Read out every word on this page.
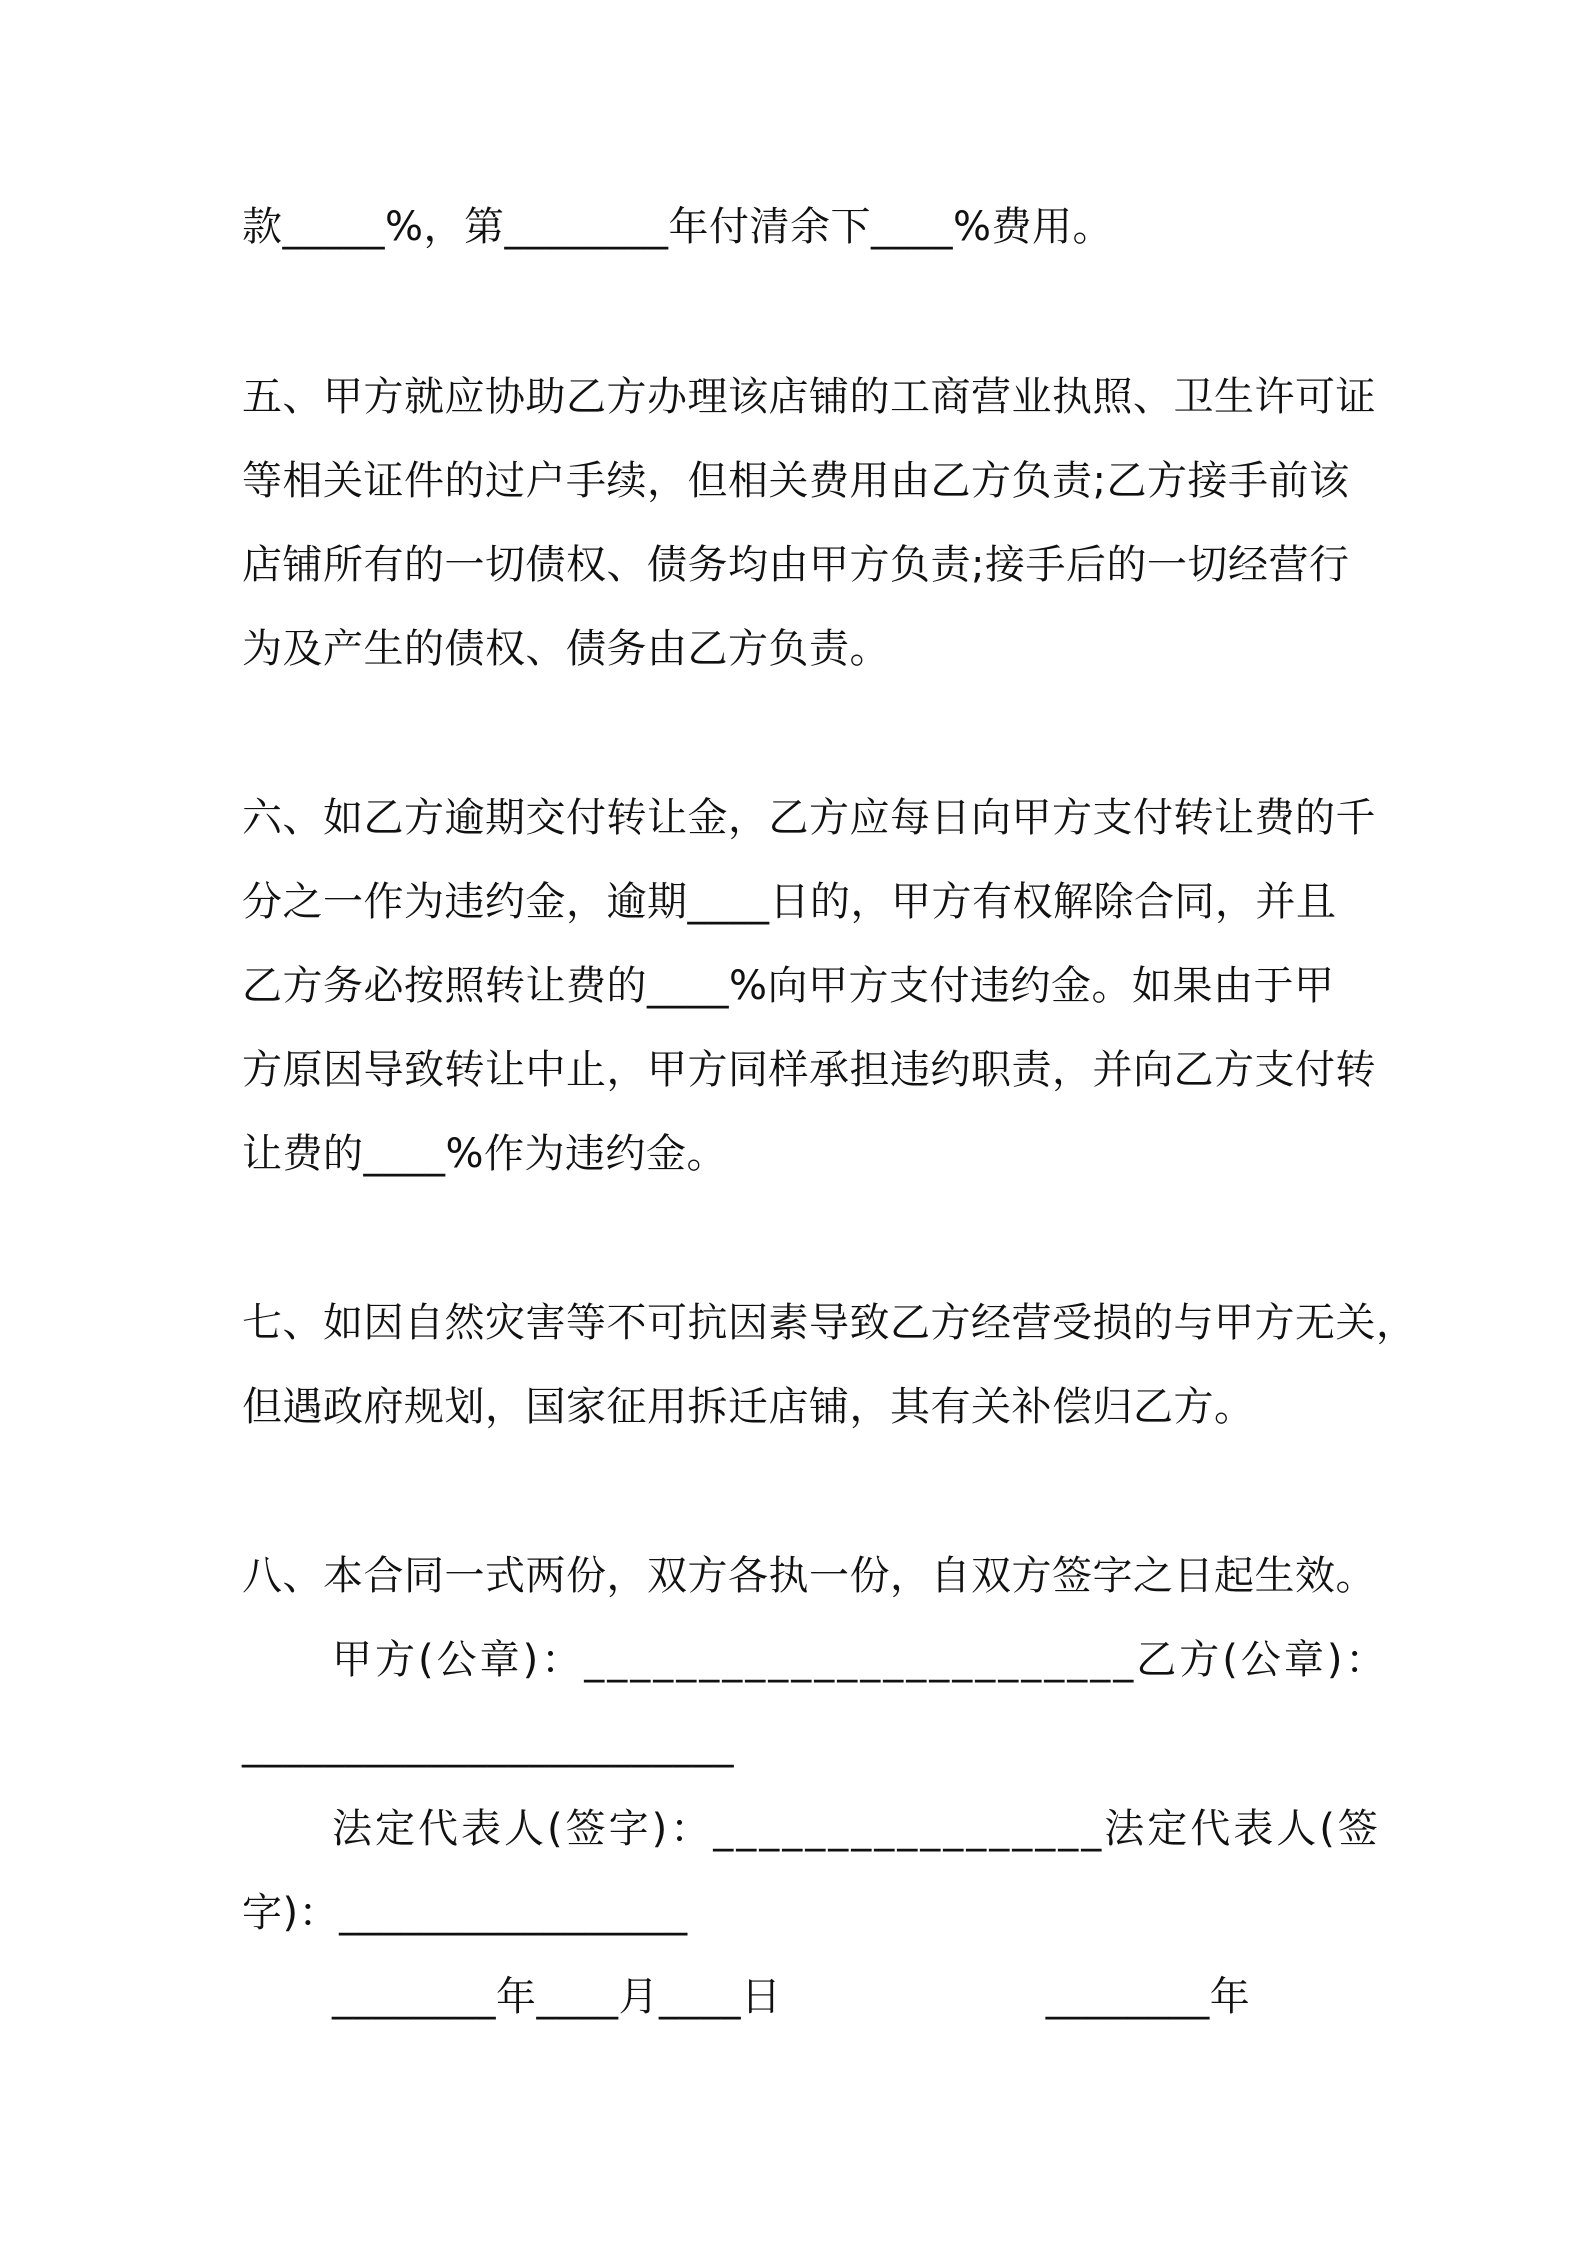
款_____%，第________年付清余下____%费用。
五、甲方就应协助乙方办理该店铺的工商营业执照、卫生许可证
等相关证件的过户手续，但相关费用由乙方负责;乙方接手前该
店铺所有的一切债权、债务均由甲方负责;接手后的一切经营行
为及产生的债权、债务由乙方负责。
六、如乙方逾期交付转让金，乙方应每日向甲方支付转让费的千
分之一作为违约金，逾期____日的，甲方有权解除合同，并且
乙方务必按照转让费的____%向甲方支付违约金。如果由于甲
方原因导致转让中止，甲方同样承担违约职责，并向乙方支付转
让费的____%作为违约金。
七、如因自然灾害等不可抗因素导致乙方经营受损的与甲方无关，
但遇政府规划，国家征用拆迁店铺，其有关补偿归乙方。
八、本合同一式两份，双方各执一份，自双方签字之日起生效。
甲方(公章)：________________________乙方(公章)：
________________________
法定代表人(签字)：_________________法定代表人(签
字)：_________________
________年____月____日                    ________年
